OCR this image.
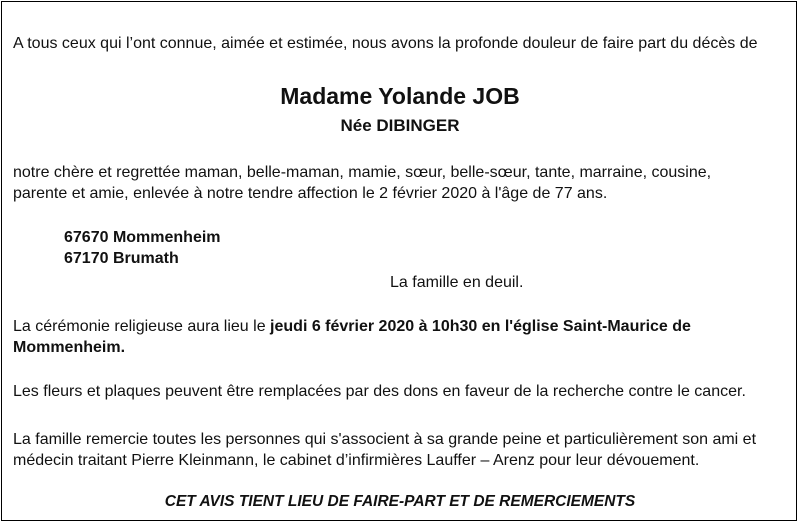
A tous ceux qui l’ont connue, aimée et estimée, nous avons la profonde douleur de faire part du décès de
Madame Yolande JOB
Née DIBINGER
notre chère et regrettée maman, belle-maman, mamie, sœur, belle-sœur, tante, marraine, cousine,
parente et amie, enlevée à notre tendre affection le 2 février 2020 à l'âge de 77 ans.
67670 Mommenheim
67170 Brumath
La famille en deuil.
La cérémonie religieuse aura lieu le jeudi 6 février 2020 à 10h30 en l'église Saint-Maurice de
Mommenheim.
Les fleurs et plaques peuvent être remplacées par des dons en faveur de la recherche contre le cancer.
La famille remercie toutes les personnes qui s'associent à sa grande peine et particulièrement son ami et
médecin traitant Pierre Kleinmann, le cabinet d’infirmières Lauffer – Arenz pour leur dévouement.
CET AVIS TIENT LIEU DE FAIRE-PART ET DE REMERCIEMENTS
